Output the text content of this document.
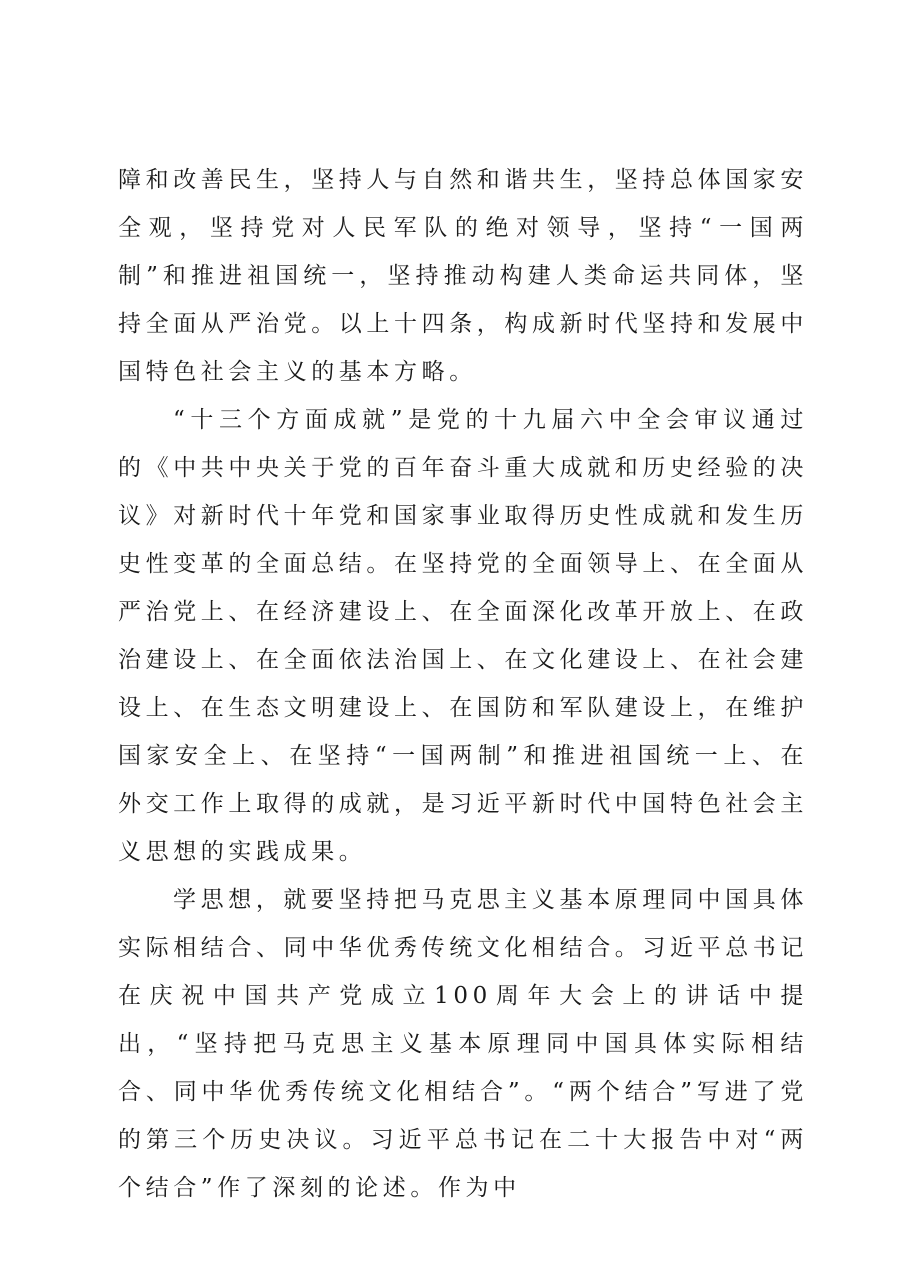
障和改善民生，坚持人与自然和谐共生，坚持总体国家安全观，坚持党对人民军队的绝对领导，坚持“一国两制”和推进祖国统一，坚持推动构建人类命运共同体，坚持全面从严治党。以上十四条，构成新时代坚持和发展中国特色社会主义的基本方略。

“十三个方面成就”是党的十九届六中全会审议通过的《中共中央关于党的百年奋斗重大成就和历史经验的决议》对新时代十年党和国家事业取得历史性成就和发生历史性变革的全面总结。在坚持党的全面领导上、在全面从严治党上、在经济建设上、在全面深化改革开放上、在政治建设上、在全面依法治国上、在文化建设上、在社会建设上、在生态文明建设上、在国防和军队建设上，在维护国家安全上、在坚持“一国两制”和推进祖国统一上、在外交工作上取得的成就，是习近平新时代中国特色社会主义思想的实践成果。

学思想，就要坚持把马克思主义基本原理同中国具体实际相结合、同中华优秀传统文化相结合。习近平总书记在庆祝中国共产党成立100周年大会上的讲话中提出，“坚持把马克思主义基本原理同中国具体实际相结合、同中华优秀传统文化相结合”。“两个结合”写进了党的第三个历史决议。习近平总书记在二十大报告中对“两个结合”作了深刻的论述。作为中
